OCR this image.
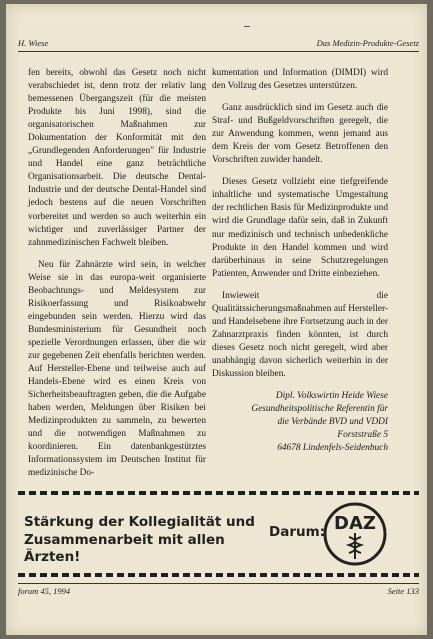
H. Wiese	Das Medizin-Produkte-Gesetz

fen bereits, obwohl das Gesetz noch nicht verabschiedet ist, denn trotz der relativ lang bemessenen Übergangszeit (für die meisten Produkte bis Juni 1998), sind die organisatorischen Maßnahmen zur Dokumentation der Konformität mit den „Grundlegenden Anforderungen" für Industrie und Handel eine ganz beträchtliche Organisationsarbeit. Die deutsche Dental-Industrie und der deutsche Dental-Handel sind jedoch bestens auf die neuen Vorschriften vorbereitet und werden so auch weiterhin ein wichtiger und zuverlässiger Partner der zahnmedizinischen Fachwelt bleiben.

Neu für Zahnärzte wird sein, in welcher Weise sie in das europa-weit organisierte Beobachtungs- und Meldesystem zur Risikoerfassung und Risikoabwehr eingebunden sein werden. Hierzu wird das Bundesministerium für Gesundheit noch spezielle Verordnungen erlassen, über die wir zur gegebenen Zeit ebenfalls berichten werden. Auf Hersteller-Ebene und teilweise auch auf Handels-Ebene wird es einen Kreis von Sicherheitsbeauftragten geben, die die Aufgabe haben werden, Meldungen über Risiken bei Medizinprodukten zu sammeln, zu bewerten und die notwendigen Maßnahmen zu koordinieren. Ein datenbankgestütztes Informationssystem im Deutschen Institut für medizinische Do-

kumentation und Information (DIMDI) wird den Vollzug des Gesetzes unterstützen.

Ganz ausdrücklich sind im Gesetz auch die Straf- und Bußgeldvorschriften geregelt, die zur Anwendung kommen, wenn jemand aus dem Kreis der vom Gesetz Betroffenen den Vorschriften zuwider handelt.

Dieses Gesetz vollzieht eine tiefgreifende inhaltliche und systematische Umgestaltung der rechtlichen Basis für Medizinprodukte und wird die Grundlage dafür sein, daß in Zukunft nur medizinisch und technisch unbedenkliche Produkte in den Handel kommen und wird darüberhinaus in seine Schutzregelungen Patienten, Anwender und Dritte einbeziehen.

Inwieweit die Qualitätssicherungsmaßnahmen auf Hersteller- und Handelsebene ihre Fortsetzung auch in der Zahnarztpraxis finden könnten, ist durch dieses Gesetz noch nicht geregelt, wird aber unabhängig davon sicherlich weiterhin in der Diskussion bleiben.

Dipl. Volkswirtin Heide Wiese
Gesundheitspolitische Referentin für
die Verbände BVD und VDDI
Forststraße 5
64678 Lindenfels-Seidenbuch
Stärkung der Kollegialität und
Zusammenarbeit mit allen Ärzten!
Darum: DAZ
forum 45, 1994	Seite 133
